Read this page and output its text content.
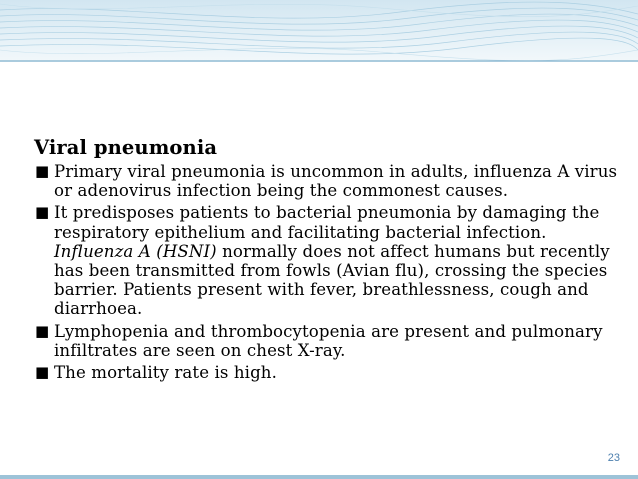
Viral pneumonia
■ Primary viral pneumonia is uncommon in adults, influenza A virus or adenovirus infection being the commonest causes.
■ It predisposes patients to bacterial pneumonia by damaging the respiratory epithelium and facilitating bacterial infection. Influenza A (HSNI) normally does not affect humans but recently has been transmitted from fowls (Avian flu), crossing the species barrier. Patients present with fever, breathlessness, cough and diarrhoea.
■ Lymphopenia and thrombocytopenia are present and pulmonary infiltrates are seen on chest X-ray.
■ The mortality rate is high.
23
